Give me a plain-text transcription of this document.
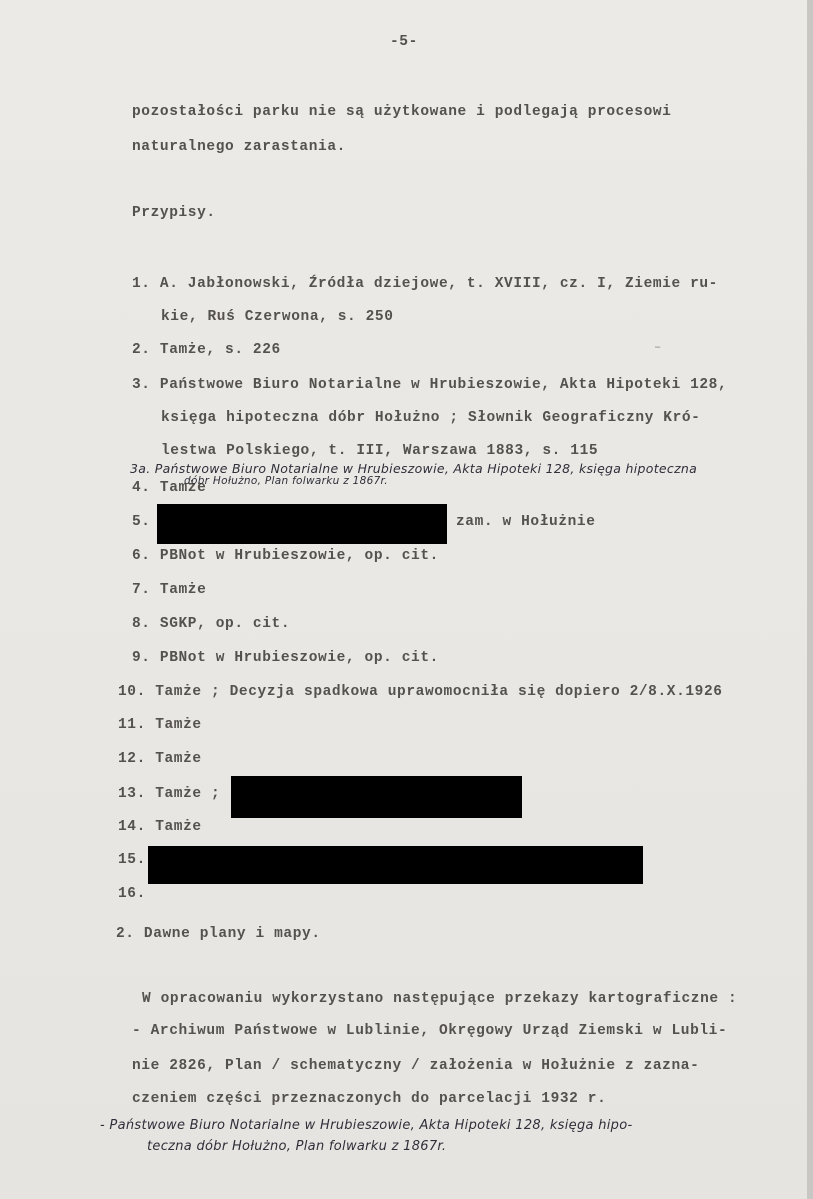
-5-
pozostałości parku nie są użytkowane i podlegają procesowi
naturalnego zarastania.
Przypisy.
1. A. Jabłonowski, Źródła dziejowe, t. XVIII, cz. I, Ziemie ru-
kie, Ruś Czerwona, s. 250
2. Tamże, s. 226
3. Państwowe Biuro Notarialne w Hrubieszowie, Akta Hipoteki 128,
księga hipoteczna dóbr Hołużno ; Słownik Geograficzny Kró-
lestwa Polskiego, t. III, Warszawa 1883, s. 115
3a. Państwowe Biuro Notarialne w Hrubieszowie, Akta Hipoteki 128, księga hipoteczna
4. Tamże
dóbr Hołużno, Plan folwarku z 1867r.
5.	zam. w Hołużnie
6. PBNot w Hrubieszowie, op. cit.
7. Tamże
8. SGKP, op. cit.
9. PBNot w Hrubieszowie, op. cit.
10. Tamże ; Decyzja spadkowa uprawomocniła się dopiero 2/8.X.1926
11. Tamże
12. Tamże
13. Tamże ;
14. Tamże
15.
16.
2. Dawne plany i mapy.
W opracowaniu wykorzystano następujące przekazy kartograficzne :
- Archiwum Państwowe w Lublinie, Okręgowy Urząd Ziemski w Lubli-
nie 2826, Plan / schematyczny / założenia w Hołużnie z zazna-
czeniem części przeznaczonych do parcelacji 1932 r.
- Państwowe Biuro Notarialne w Hrubieszowie, Akta Hipoteki 128, księga hipo-
teczna dóbr Hołużno, Plan folwarku z 1867r.
–
